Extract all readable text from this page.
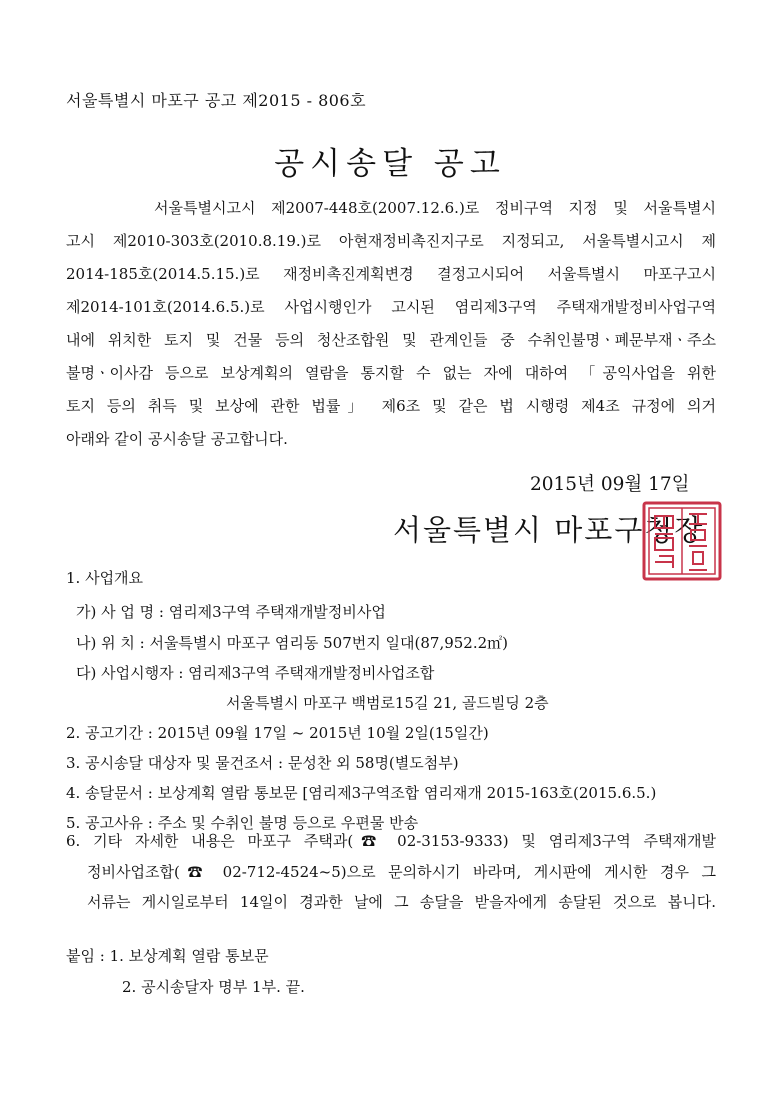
서울특별시 마포구 공고 제2015 - 806호
공시송달 공고
서울특별시고시 제2007-448호(2007.12.6.)로 정비구역 지정 및 서울특별시
고시 제2010-303호(2010.8.19.)로 아현재정비촉진지구로 지정되고, 서울특별시고시 제
2014-185호(2014.5.15.)로 재정비촉진계획변경 결정고시되어 서울특별시 마포구고시
제2014-101호(2014.6.5.)로 사업시행인가 고시된 염리제3구역 주택재개발정비사업구역
내에 위치한 토지 및 건물 등의 청산조합원 및 관계인들 중 수취인불명ㆍ폐문부재ㆍ주소
불명ㆍ이사감 등으로 보상계획의 열람을 통지할 수 없는 자에 대하여 「공익사업을 위한
토지 등의 취득 및 보상에 관한 법률」 제6조 및 같은 법 시행령 제4조 규정에 의거
아래와 같이 공시송달 공고합니다.
2015년 09월 17일
서울특별시 마포구청장
1. 사업개요
가) 사 업 명 : 염리제3구역 주택재개발정비사업
나) 위 치 : 서울특별시 마포구 염리동 507번지 일대(87,952.2㎡)
다) 사업시행자 : 염리제3구역 주택재개발정비사업조합
서울특별시 마포구 백범로15길 21, 골드빌딩 2층
2. 공고기간 : 2015년 09월 17일 ~ 2015년 10월 2일(15일간)
3. 공시송달 대상자 및 물건조서 : 문성찬 외 58명(별도첨부)
4. 송달문서 : 보상계획 열람 통보문 [염리제3구역조합 염리재개 2015-163호(2015.6.5.)
5. 공고사유 : 주소 및 수취인 불명 등으로 우편물 반송
6. 기타 자세한 내용은 마포구 주택과(☎ 02-3153-9333) 및 염리제3구역 주택재개발
정비사업조합(☎ 02-712-4524~5)으로 문의하시기 바라며, 게시판에 게시한 경우 그
서류는 게시일로부터 14일이 경과한 날에 그 송달을 받을자에게 송달된 것으로 봅니다.
붙임 : 1. 보상계획 열람 통보문
2. 공시송달자 명부 1부. 끝.
